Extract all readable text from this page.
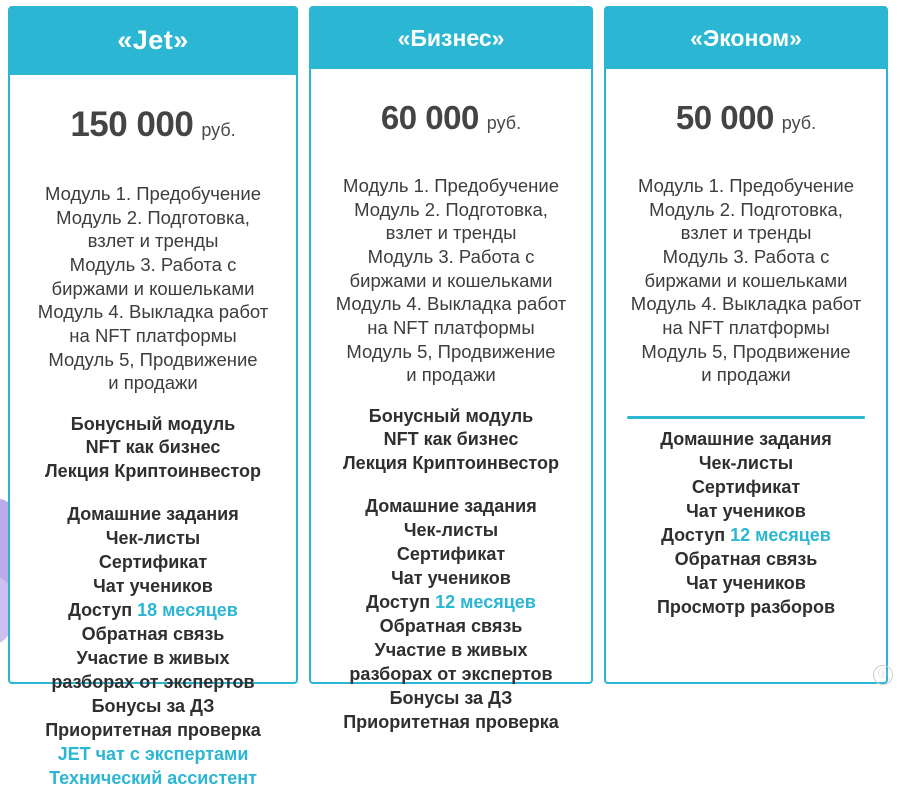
«Jet»
150 000 руб.
Модуль 1. Предобучение
Модуль 2. Подготовка,
взлет и тренды
Модуль 3. Работа с
биржами и кошельками
Модуль 4. Выкладка работ
на NFT платформы
Модуль 5, Продвижение
и продажи
Бонусный модуль
NFT как бизнес
Лекция Криптоинвестор
Домашние задания
Чек-листы
Сертификат
Чат учеников
Доступ 18 месяцев
Обратная связь
Участие в живых
разборах от экспертов
Бонусы за ДЗ
Приоритетная проверка
JET чат с экспертами
Технический ассистент
«Бизнес»
60 000 руб.
Модуль 1. Предобучение
Модуль 2. Подготовка,
взлет и тренды
Модуль 3. Работа с
биржами и кошельками
Модуль 4. Выкладка работ
на NFT платформы
Модуль 5, Продвижение
и продажи
Бонусный модуль
NFT как бизнес
Лекция Криптоинвестор
Домашние задания
Чек-листы
Сертификат
Чат учеников
Доступ 12 месяцев
Обратная связь
Участие в живых
разборах от экспертов
Бонусы за ДЗ
Приоритетная проверка
«Эконом»
50 000 руб.
Модуль 1. Предобучение
Модуль 2. Подготовка,
взлет и тренды
Модуль 3. Работа с
биржами и кошельками
Модуль 4. Выкладка работ
на NFT платформы
Модуль 5, Продвижение
и продажи
Домашние задания
Чек-листы
Сертификат
Чат учеников
Доступ 12 месяцев
Обратная связь
Чат учеников
Просмотр разборов
ⓘ
